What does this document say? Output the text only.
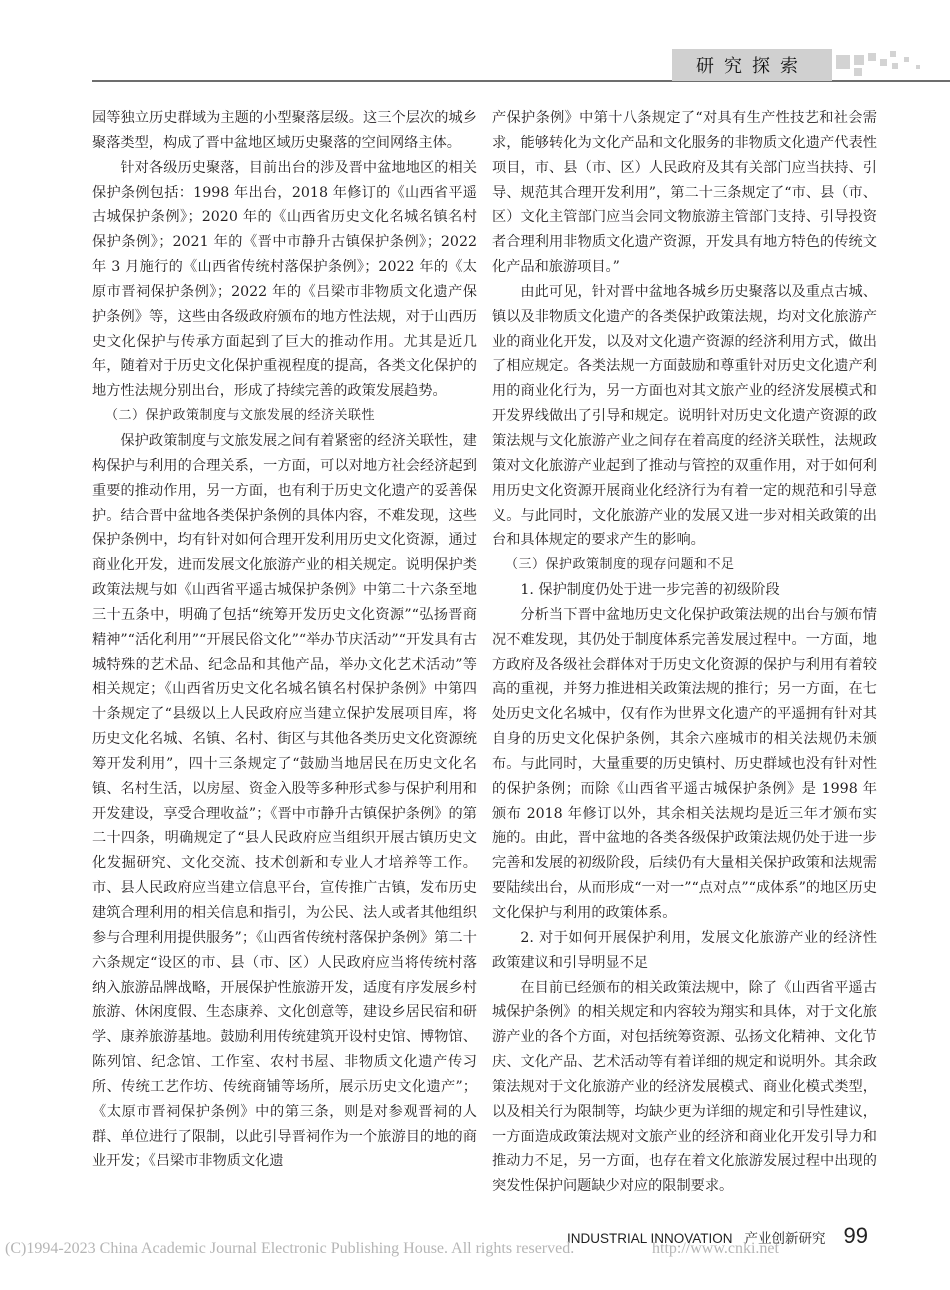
研究探索

园等独立历史群域为主题的小型聚落层级。这三个层次的城乡聚落类型，构成了晋中盆地区域历史聚落的空间网络主体。

针对各级历史聚落，目前出台的涉及晋中盆地地区的相关保护条例包括：1998 年出台，2018 年修订的《山西省平遥古城保护条例》；2020 年的《山西省历史文化名城名镇名村保护条例》；2021 年的《晋中市静升古镇保护条例》；2022 年 3 月施行的《山西省传统村落保护条例》；2022 年的《太原市晋祠保护条例》；2022 年的《吕梁市非物质文化遗产保护条例》等，这些由各级政府颁布的地方性法规，对于山西历史文化保护与传承方面起到了巨大的推动作用。尤其是近几年，随着对于历史文化保护重视程度的提高，各类文化保护的地方性法规分别出台，形成了持续完善的政策发展趋势。

（二）保护政策制度与文旅发展的经济关联性

保护政策制度与文旅发展之间有着紧密的经济关联性，建构保护与利用的合理关系，一方面，可以对地方社会经济起到重要的推动作用，另一方面，也有利于历史文化遗产的妥善保护。结合晋中盆地各类保护条例的具体内容，不难发现，这些保护条例中，均有针对如何合理开发利用历史文化资源，通过商业化开发，进而发展文化旅游产业的相关规定。说明保护类政策法规与如《山西省平遥古城保护条例》中第二十六条至地三十五条中，明确了包括“统筹开发历史文化资源”“弘扬晋商精神”“活化利用”“开展民俗文化”“举办节庆活动”“开发具有古城特殊的艺术品、纪念品和其他产品，举办文化艺术活动”等相关规定；《山西省历史文化名城名镇名村保护条例》中第四十条规定了“县级以上人民政府应当建立保护发展项目库，将历史文化名城、名镇、名村、街区与其他各类历史文化资源统筹开发利用”，四十三条规定了“鼓励当地居民在历史文化名镇、名村生活，以房屋、资金入股等多种形式参与保护利用和开发建设，享受合理收益”；《晋中市静升古镇保护条例》的第二十四条，明确规定了“县人民政府应当组织开展古镇历史文化发掘研究、文化交流、技术创新和专业人才培养等工作。市、县人民政府应当建立信息平台，宣传推广古镇，发布历史建筑合理利用的相关信息和指引，为公民、法人或者其他组织参与合理利用提供服务”；《山西省传统村落保护条例》第二十六条规定“设区的市、县（市、区）人民政府应当将传统村落纳入旅游品牌战略，开展保护性旅游开发，适度有序发展乡村旅游、休闲度假、生态康养、文化创意等，建设乡居民宿和研学、康养旅游基地。鼓励利用传统建筑开设村史馆、博物馆、陈列馆、纪念馆、工作室、农村书屋、非物质文化遗产传习所、传统工艺作坊、传统商铺等场所，展示历史文化遗产”；《太原市晋祠保护条例》中的第三条，则是对参观晋祠的人群、单位进行了限制，以此引导晋祠作为一个旅游目的地的商业开发；《吕梁市非物质文化遗

产保护条例》中第十八条规定了“对具有生产性技艺和社会需求，能够转化为文化产品和文化服务的非物质文化遗产代表性项目，市、县（市、区）人民政府及其有关部门应当扶持、引导、规范其合理开发利用”，第二十三条规定了“市、县（市、区）文化主管部门应当会同文物旅游主管部门支持、引导投资者合理利用非物质文化遗产资源，开发具有地方特色的传统文化产品和旅游项目。”

由此可见，针对晋中盆地各城乡历史聚落以及重点古城、镇以及非物质文化遗产的各类保护政策法规，均对文化旅游产业的商业化开发，以及对文化遗产资源的经济利用方式，做出了相应规定。各类法规一方面鼓励和尊重针对历史文化遗产利用的商业化行为，另一方面也对其文旅产业的经济发展模式和开发界线做出了引导和规定。说明针对历史文化遗产资源的政策法规与文化旅游产业之间存在着高度的经济关联性，法规政策对文化旅游产业起到了推动与管控的双重作用，对于如何利用历史文化资源开展商业化经济行为有着一定的规范和引导意义。与此同时，文化旅游产业的发展又进一步对相关政策的出台和具体规定的要求产生的影响。

（三）保护政策制度的现存问题和不足

1. 保护制度仍处于进一步完善的初级阶段

分析当下晋中盆地历史文化保护政策法规的出台与颁布情况不难发现，其仍处于制度体系完善发展过程中。一方面，地方政府及各级社会群体对于历史文化资源的保护与利用有着较高的重视，并努力推进相关政策法规的推行；另一方面，在七处历史文化名城中，仅有作为世界文化遗产的平遥拥有针对其自身的历史文化保护条例，其余六座城市的相关法规仍未颁布。与此同时，大量重要的历史镇村、历史群域也没有针对性的保护条例；而除《山西省平遥古城保护条例》是 1998 年颁布 2018 年修订以外，其余相关法规均是近三年才颁布实施的。由此，晋中盆地的各类各级保护政策法规仍处于进一步完善和发展的初级阶段，后续仍有大量相关保护政策和法规需要陆续出台，从而形成“一对一”“点对点”“成体系”的地区历史文化保护与利用的政策体系。

2. 对于如何开展保护利用，发展文化旅游产业的经济性政策建议和引导明显不足

在目前已经颁布的相关政策法规中，除了《山西省平遥古城保护条例》的相关规定和内容较为翔实和具体，对于文化旅游产业的各个方面，对包括统筹资源、弘扬文化精神、文化节庆、文化产品、艺术活动等有着详细的规定和说明外。其余政策法规对于文化旅游产业的经济发展模式、商业化模式类型，以及相关行为限制等，均缺少更为详细的规定和引导性建议，一方面造成政策法规对文旅产业的经济和商业化开发引导力和推动力不足，另一方面，也存在着文化旅游发展过程中出现的突发性保护问题缺少对应的限制要求。

INDUSTRIAL INNOVATION 产业创新研究 99
(C)1994-2023 China Academic Journal Electronic Publishing House. All rights reserved.	http://www.cnki.net
